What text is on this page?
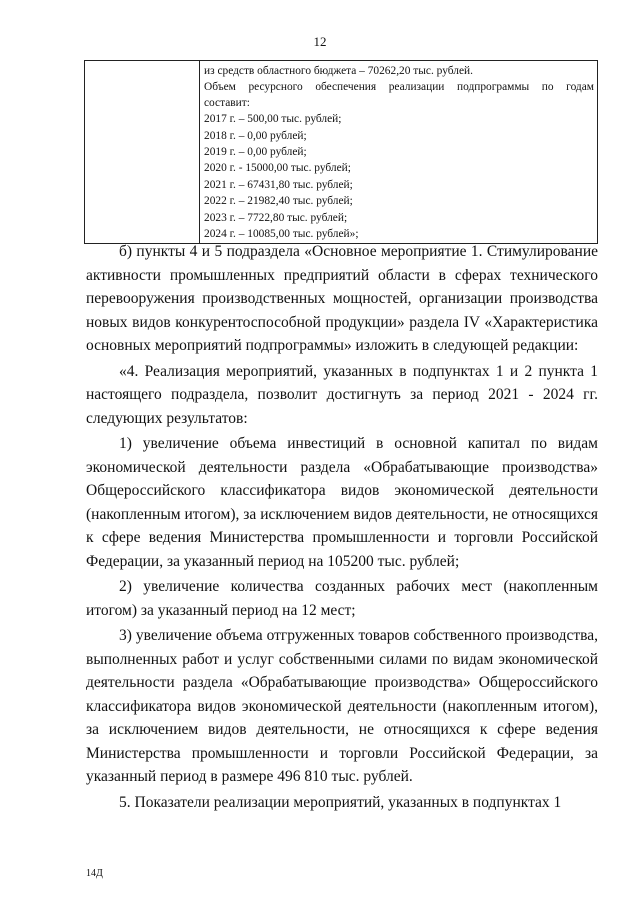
12

из средств областного бюджета – 70262,20 тыс. рублей.
Объем ресурсного обеспечения реализации подпрограммы по годам
составит:
2017 г. – 500,00 тыс. рублей;
2018 г. – 0,00 рублей;
2019 г. – 0,00 рублей;
2020 г. - 15000,00 тыс. рублей;
2021 г. – 67431,80 тыс. рублей;
2022 г. – 21982,40 тыс. рублей;
2023 г. – 7722,80 тыс. рублей;
2024 г. – 10085,00 тыс. рублей»;

б) пункты 4 и 5 подраздела «Основное мероприятие 1. Стимулирование активности промышленных предприятий области в сферах технического перевооружения производственных мощностей, организации производства новых видов конкурентоспособной продукции» раздела IV «Характеристика основных мероприятий подпрограммы» изложить в следующей редакции:

«4. Реализация мероприятий, указанных в подпунктах 1 и 2 пункта 1 настоящего подраздела, позволит достигнуть за период 2021 - 2024 гг. следующих результатов:

1) увеличение объема инвестиций в основной капитал по видам экономической деятельности раздела «Обрабатывающие производства» Общероссийского классификатора видов экономической деятельности (накопленным итогом), за исключением видов деятельности, не относящихся к сфере ведения Министерства промышленности и торговли Российской Федерации, за указанный период на 105200 тыс. рублей;

2) увеличение количества созданных рабочих мест (накопленным итогом) за указанный период на 12 мест;

3) увеличение объема отгруженных товаров собственного производства, выполненных работ и услуг собственными силами по видам экономической деятельности раздела «Обрабатывающие производства» Общероссийского классификатора видов экономической деятельности (накопленным итогом), за исключением видов деятельности, не относящихся к сфере ведения Министерства промышленности и торговли Российской Федерации, за указанный период в размере 496 810 тыс. рублей.

5. Показатели реализации мероприятий, указанных в подпунктах 1

14Д
